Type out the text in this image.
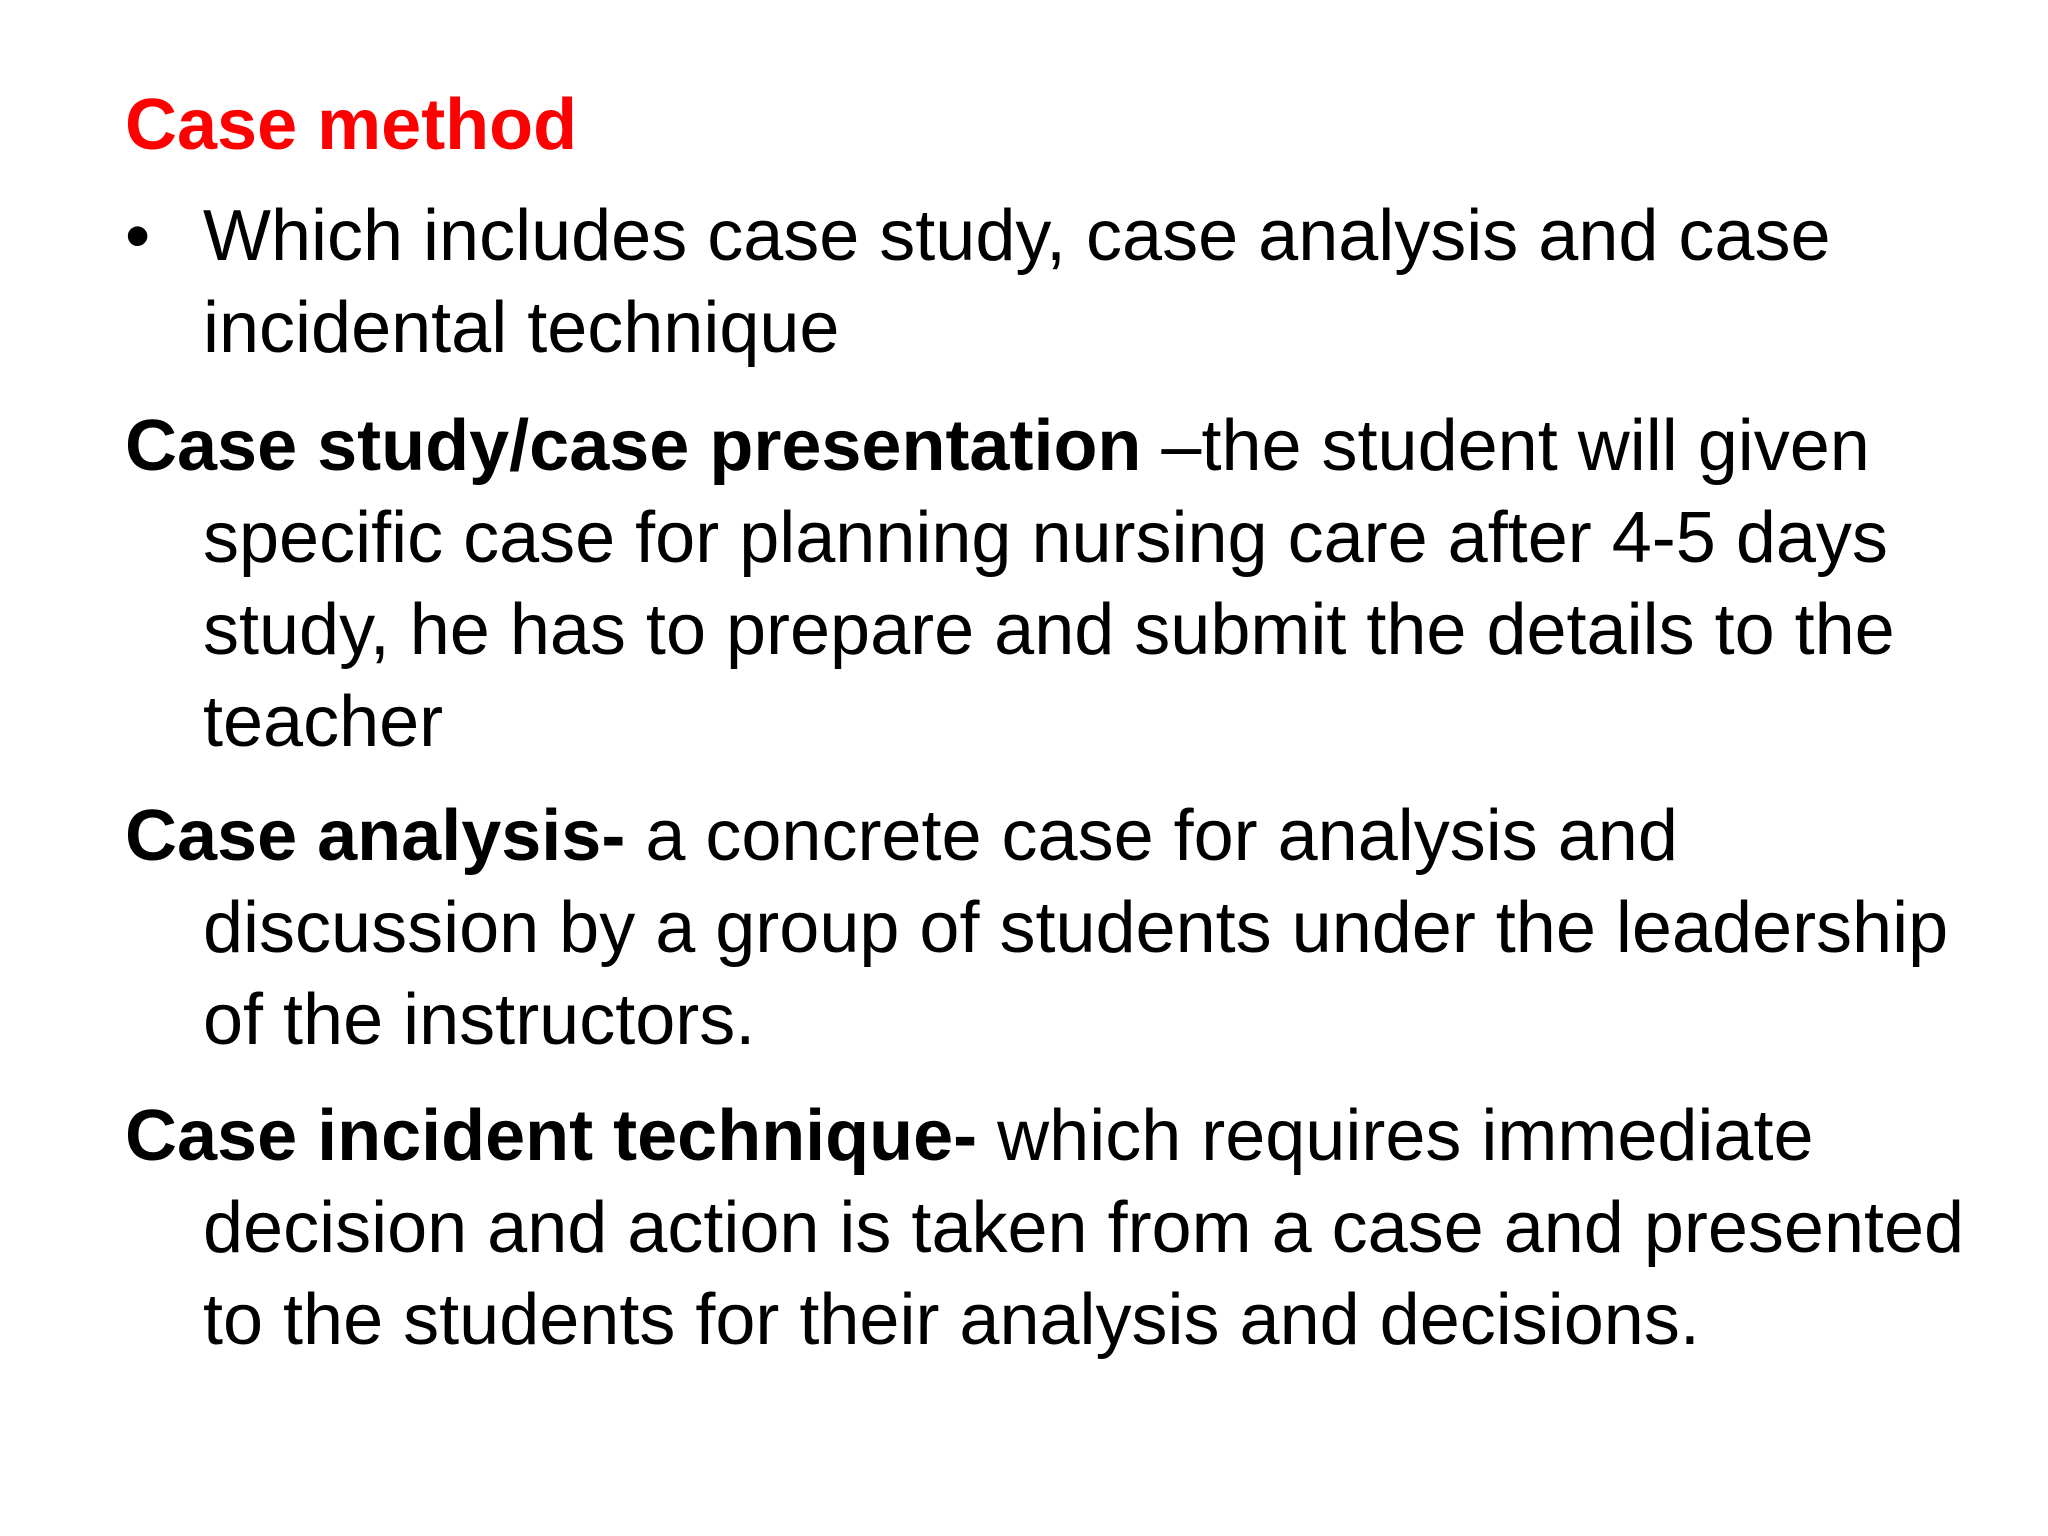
Case method
• Which includes case study, case analysis and case incidental technique
Case study/case presentation –the student will given specific case for planning nursing care after 4-5 days study, he has to prepare and submit the details to the teacher
Case analysis- a concrete case for analysis and discussion by a group of students under the leadership of the instructors.
Case incident technique- which requires immediate decision and action is taken from a case and presented to the students for their analysis and decisions.
